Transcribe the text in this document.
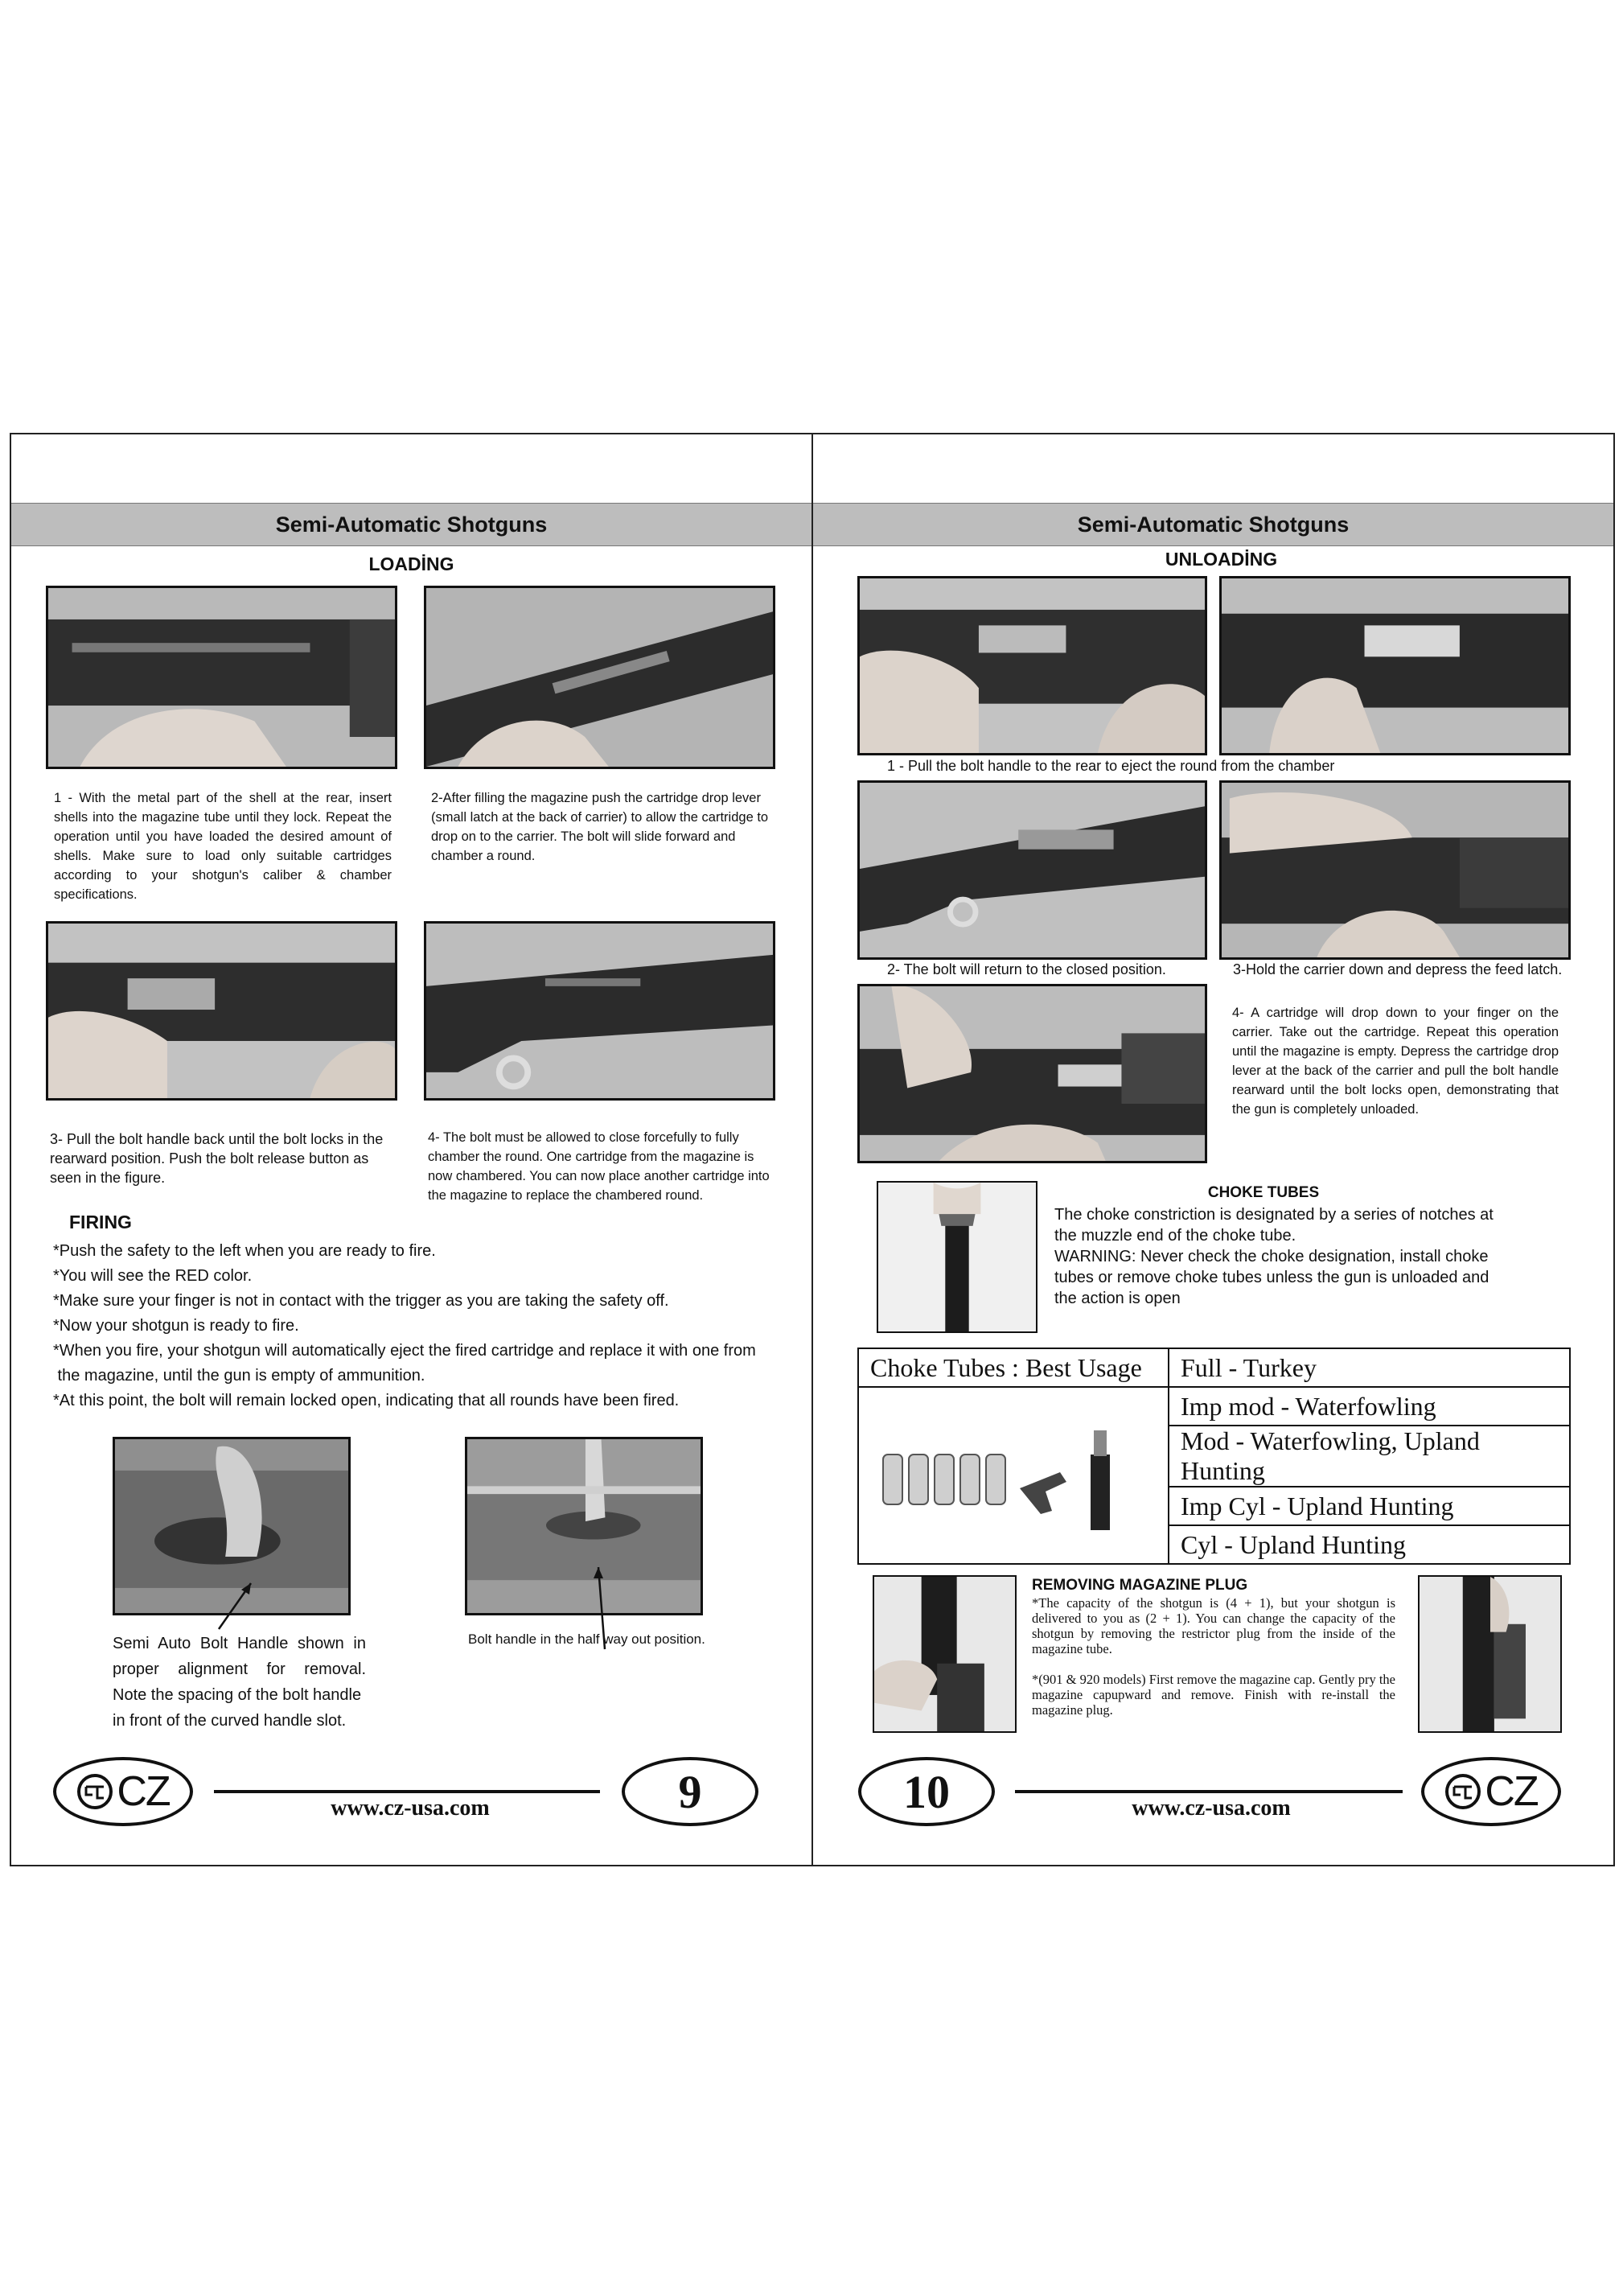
Semi-Automatic Shotguns
LOADİNG
1 - With the metal part of the shell at the rear, insert shells into the magazine tube until they lock. Repeat the operation until you have loaded the desired amount of shells. Make sure to load only suitable cartridges according to your shotgun's caliber & chamber specifications.
2-After filling the magazine push the cartridge drop lever (small latch at the back of carrier) to allow the cartridge to drop on to the carrier. The bolt will slide forward and chamber a round.
3- Pull the bolt handle back until the bolt locks in the rearward position. Push the bolt release button as seen in the figure.
4- The bolt must be allowed to close forcefully to fully chamber the round. One cartridge from the magazine is now chambered. You can now place another cartridge into the magazine to replace the chambered round.
FIRING
*Push the safety to the left when you are ready to fire.
*You will see the RED color.
*Make sure your finger is not in contact with the trigger as you are taking the safety off.
*Now your shotgun is ready to fire.
*When you fire, your shotgun will automatically eject the fired cartridge and replace it with one from
the magazine, until the gun is empty of ammunition.
*At this point, the bolt will remain locked open, indicating that all rounds have been fired.
Semi Auto Bolt Handle shown in
proper alignment for removal.
Note the spacing of the bolt handle
in front of the curved handle slot.
Bolt handle in the half way out position.
CZ	9
www.cz-usa.com
Semi-Automatic Shotguns
UNLOADİNG
1 - Pull the bolt handle to the rear to eject the round from the chamber
2- The bolt will return to the closed position.	3-Hold the carrier down and depress the feed latch.
4- A cartridge will drop down to your finger on the carrier. Take out the cartridge. Repeat this operation until the magazine is empty. Depress the cartridge drop lever at the back of the carrier and pull the bolt handle rearward until the bolt locks open, demonstrating that the gun is completely unloaded.
CHOKE TUBES
The choke constriction is designated by a series of notches at
the muzzle end of the choke tube.
WARNING: Never check the choke designation, install choke
tubes or remove choke tubes unless the gun is unloaded and
the action is open
Choke Tubes : Best Usage	Full - Turkey
	Imp mod - Waterfowling
	Mod - Waterfowling, Upland Hunting
	Imp Cyl - Upland Hunting
	Cyl - Upland Hunting
REMOVING MAGAZINE PLUG
*The capacity of the shotgun is (4 + 1), but your shotgun is delivered to you as (2 + 1). You can change the capacity of the shotgun by removing the restrictor plug from the inside of the magazine tube.
*(901 & 920 models) First remove the magazine cap. Gently pry the magazine capupward and remove. Finish with re-install the magazine plug.
10	CZ
www.cz-usa.com
